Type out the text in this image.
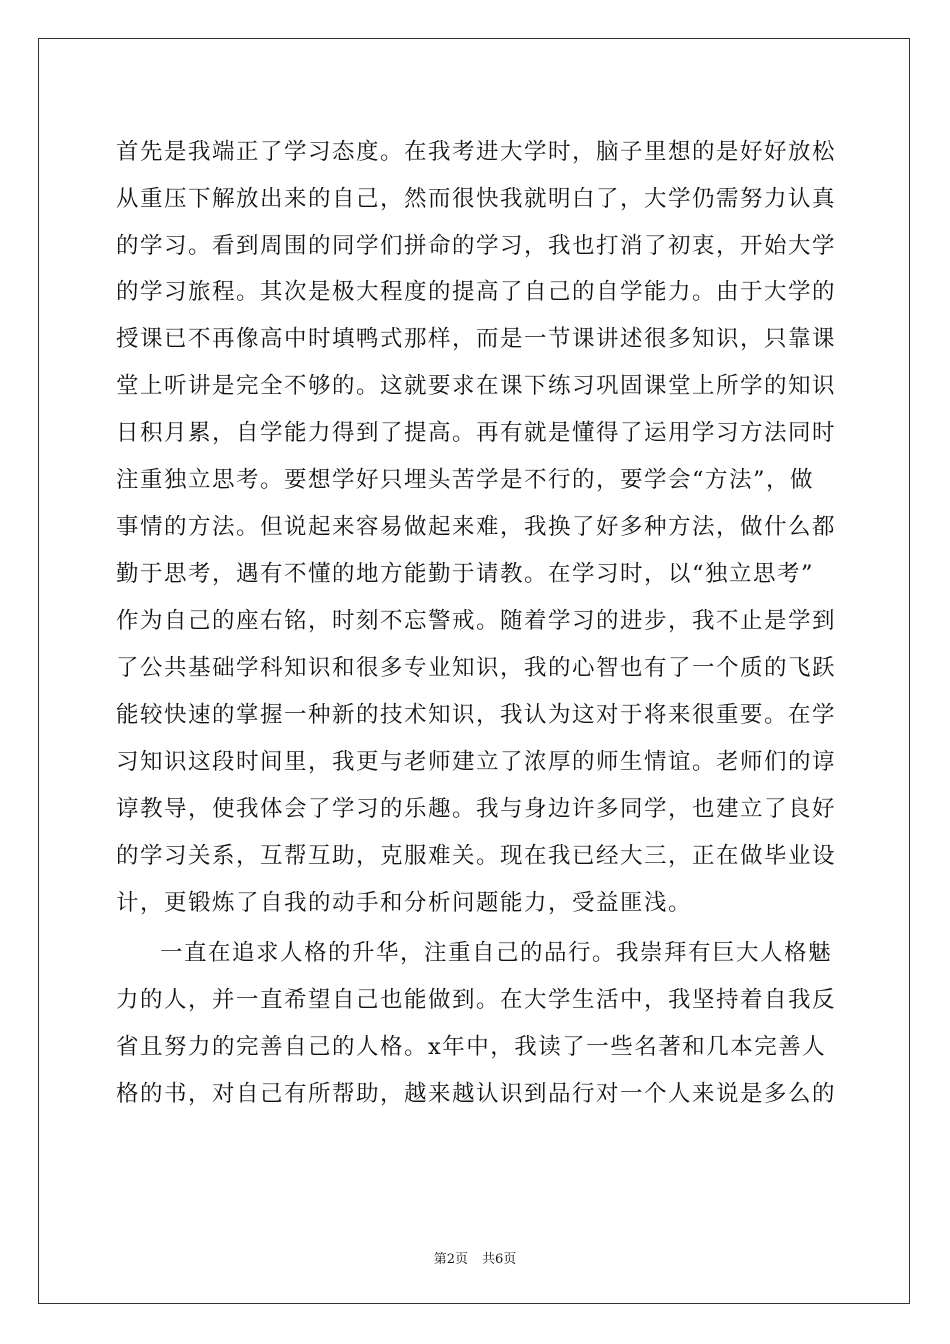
首先是我端正了学习态度。在我考进大学时，脑子里想的是好好放松

从重压下解放出来的自己，然而很快我就明白了，大学仍需努力认真

的学习。看到周围的同学们拼命的学习，我也打消了初衷，开始大学

的学习旅程。其次是极大程度的提高了自己的自学能力。由于大学的

授课已不再像高中时填鸭式那样，而是一节课讲述很多知识，只靠课

堂上听讲是完全不够的。这就要求在课下练习巩固课堂上所学的知识

日积月累，自学能力得到了提高。再有就是懂得了运用学习方法同时

注重独立思考。要想学好只埋头苦学是不行的，要学会“方法”，做

事情的方法。但说起来容易做起来难，我换了好多种方法，做什么都

勤于思考，遇有不懂的地方能勤于请教。在学习时，以“独立思考”

作为自己的座右铭，时刻不忘警戒。随着学习的进步，我不止是学到

了公共基础学科知识和很多专业知识，我的心智也有了一个质的飞跃

能较快速的掌握一种新的技术知识，我认为这对于将来很重要。在学

习知识这段时间里，我更与老师建立了浓厚的师生情谊。老师们的谆

谆教导，使我体会了学习的乐趣。我与身边许多同学，也建立了良好

的学习关系，互帮互助，克服难关。现在我已经大三，正在做毕业设

计，更锻炼了自我的动手和分析问题能力，受益匪浅。

一直在追求人格的升华，注重自己的品行。我崇拜有巨大人格魅

力的人，并一直希望自己也能做到。在大学生活中，我坚持着自我反

省且努力的完善自己的人格。x年中，我读了一些名著和几本完善人

格的书，对自己有所帮助，越来越认识到品行对一个人来说是多么的

第2页 共6页
